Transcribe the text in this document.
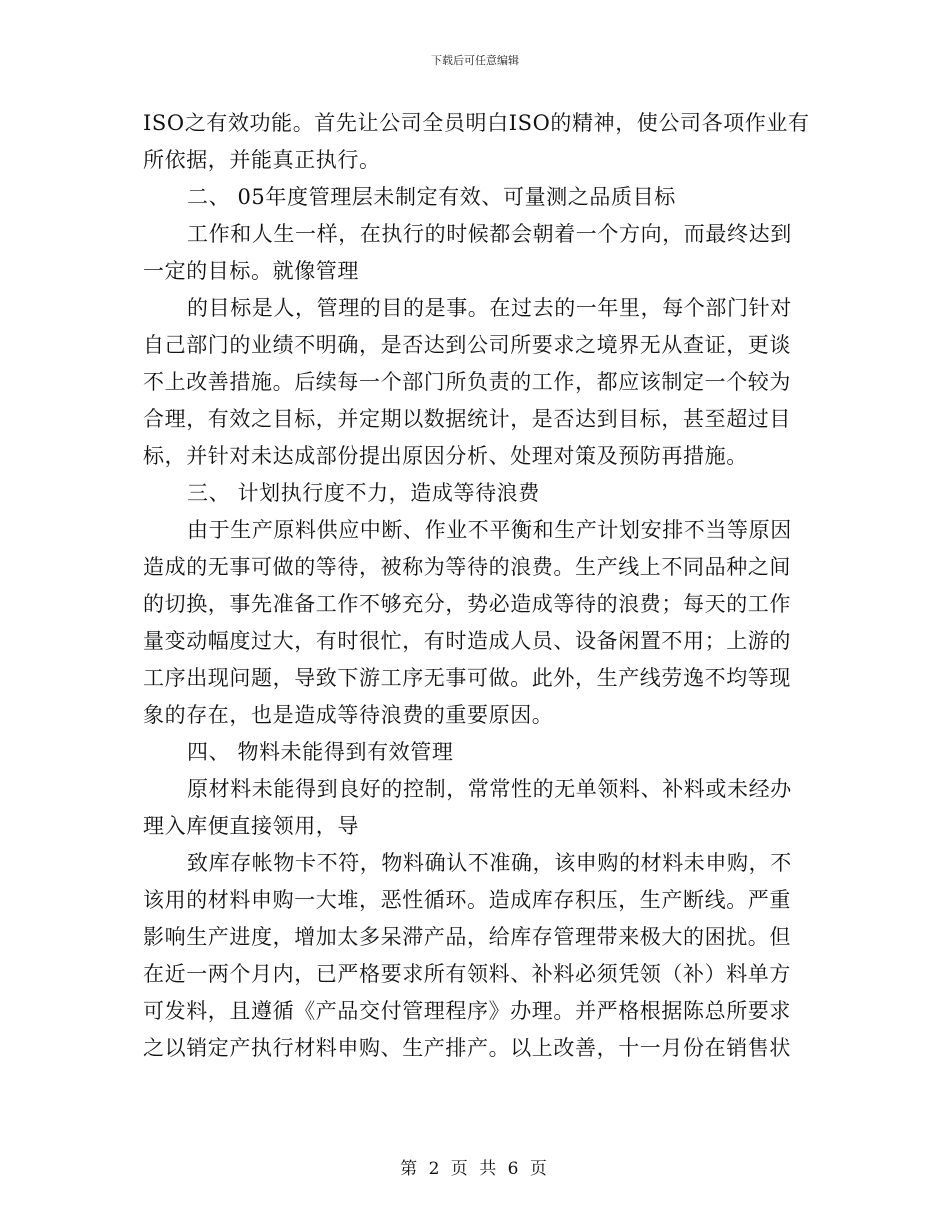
下载后可任意编辑
ISO之有效功能。首先让公司全员明白ISO的精神，使公司各项作业有
所依据，并能真正执行。
二、 05年度管理层未制定有效、可量测之品质目标
工作和人生一样，在执行的时候都会朝着一个方向，而最终达到
一定的目标。就像管理
的目标是人，管理的目的是事。在过去的一年里，每个部门针对
自己部门的业绩不明确，是否达到公司所要求之境界无从查证，更谈
不上改善措施。后续每一个部门所负责的工作，都应该制定一个较为
合理，有效之目标，并定期以数据统计，是否达到目标，甚至超过目
标，并针对未达成部份提出原因分析、处理对策及预防再措施。
三、 计划执行度不力，造成等待浪费
由于生产原料供应中断、作业不平衡和生产计划安排不当等原因
造成的无事可做的等待，被称为等待的浪费。生产线上不同品种之间
的切换，事先准备工作不够充分，势必造成等待的浪费；每天的工作
量变动幅度过大，有时很忙，有时造成人员、设备闲置不用；上游的
工序出现问题，导致下游工序无事可做。此外，生产线劳逸不均等现
象的存在，也是造成等待浪费的重要原因。
四、 物料未能得到有效管理
原材料未能得到良好的控制，常常性的无单领料、补料或未经办
理入库便直接领用，导
致库存帐物卡不符，物料确认不准确，该申购的材料未申购，不
该用的材料申购一大堆，恶性循环。造成库存积压，生产断线。严重
影响生产进度，增加太多呆滞产品，给库存管理带来极大的困扰。但
在近一两个月内，已严格要求所有领料、补料必须凭领（补）料单方
可发料，且遵循《产品交付管理程序》办理。并严格根据陈总所要求
之以销定产执行材料申购、生产排产。以上改善，十一月份在销售状
第 2 页 共 6 页
